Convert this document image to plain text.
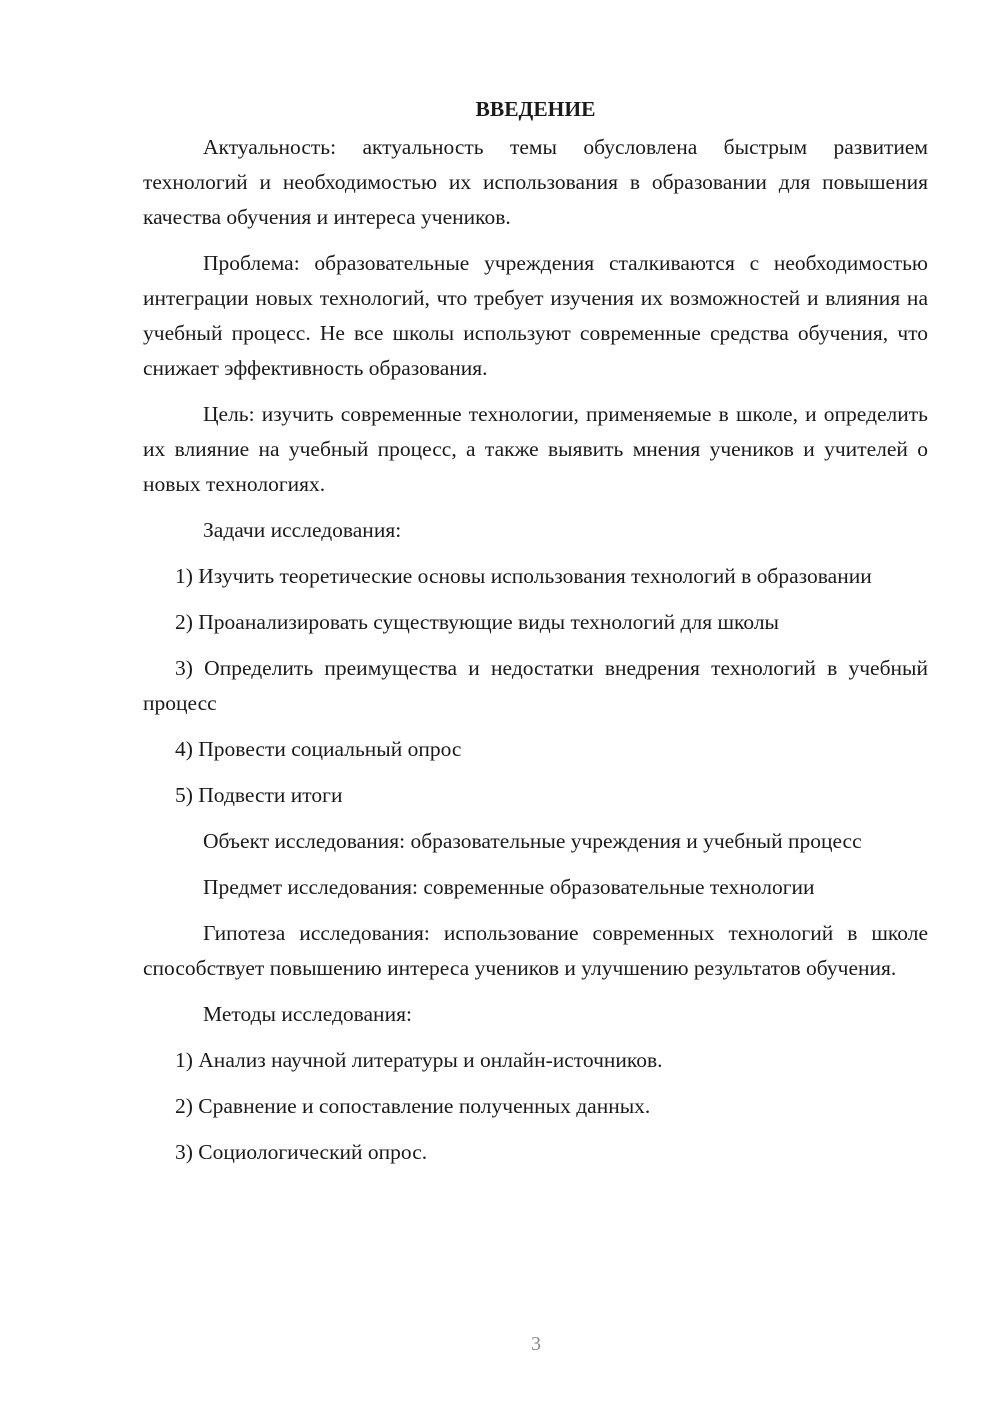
ВВЕДЕНИЕ

Актуальность: актуальность темы обусловлена быстрым развитием технологий и необходимостью их использования в образовании для повышения качества обучения и интереса учеников.

Проблема: образовательные учреждения сталкиваются с необходимостью интеграции новых технологий, что требует изучения их возможностей и влияния на учебный процесс. Не все школы используют современные средства обучения, что снижает эффективность образования.

Цель: изучить современные технологии, применяемые в школе, и определить их влияние на учебный процесс, а также выявить мнения учеников и учителей о новых технологиях.

Задачи исследования:

1) Изучить теоретические основы использования технологий в образовании

2) Проанализировать существующие виды технологий для школы

3) Определить преимущества и недостатки внедрения технологий в учебный процесс

4) Провести социальный опрос

5) Подвести итоги

Объект исследования: образовательные учреждения и учебный процесс

Предмет исследования: современные образовательные технологии

Гипотеза исследования: использование современных технологий в школе способствует повышению интереса учеников и улучшению результатов обучения.

Методы исследования:

1) Анализ научной литературы и онлайн-источников.

2) Сравнение и сопоставление полученных данных.

3) Социологический опрос.

3
